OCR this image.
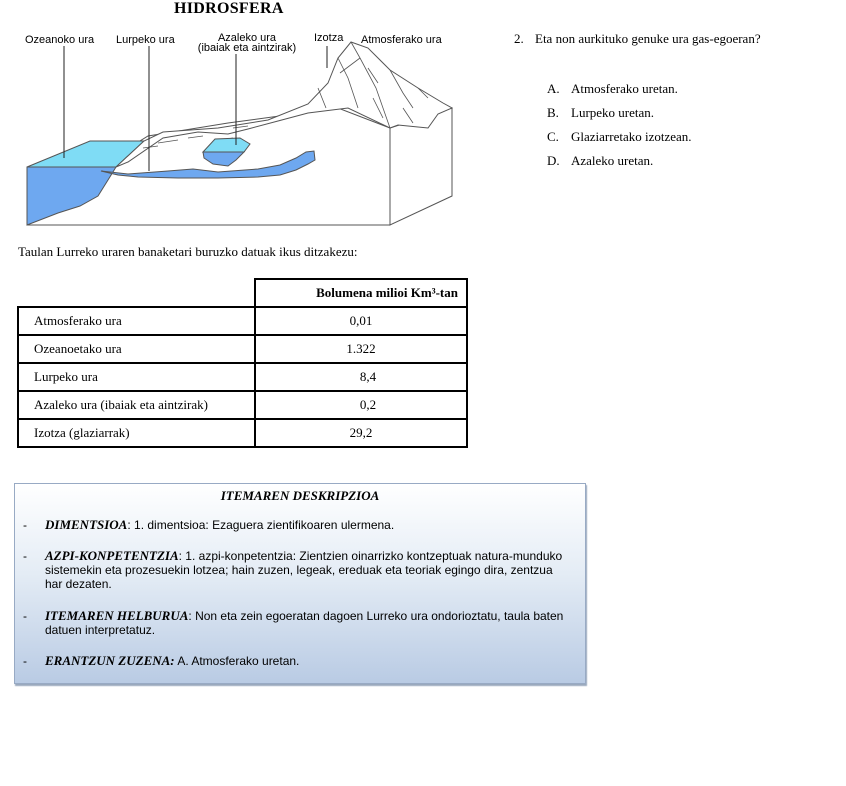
HIDROSFERA
Ozeanoko ura Lurpeko ura	Azaleko ura
(ibaiak eta aintzirak)
Izotza Atmosferako ura	2. Eta non aurkituko genuke ura gas-egoeran?
A. Atmosferako uretan.
B. Lurpeko uretan.
C. Glaziarretako izotzean.
D. Azaleko uretan.
Taulan Lurreko uraren banaketari buruzko datuak ikus ditzakezu:
	Bolumena milioi Km³-tan
Atmosferako ura	0,01
Ozeanoetako ura	1.322
Lurpeko ura	8,4
Azaleko ura (ibaiak eta aintzirak)	0,2
Izotza (glaziarrak)	29,2
ITEMAREN DESKRIPZIOA
- DIMENTSIOA: 1. dimentsioa: Ezaguera zientifikoaren ulermena.
- AZPI-KONPETENTZIA: 1. azpi-konpetentzia: Zientzien oinarrizko kontzeptuak natura-munduko sistemekin eta prozesuekin lotzea; hain zuzen, legeak, ereduak eta teoriak egingo dira, zentzua har dezaten.
- ITEMAREN HELBURUA: Non eta zein egoeratan dagoen Lurreko ura ondorioztatu, taula baten datuen interpretatuz.
- ERANTZUN ZUZENA: A. Atmosferako uretan.
